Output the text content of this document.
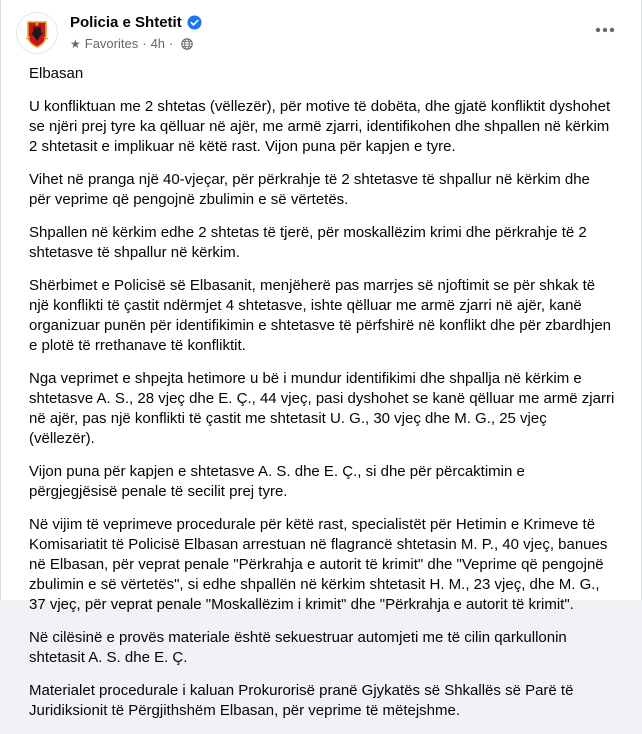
Policia e Shtetit
★ Favorites · 4h ·

Elbasan

U konfliktuan me 2 shtetas (vëllezër), për motive të dobëta, dhe gjatë konfliktit dyshohet se njëri prej tyre ka qëlluar në ajër, me armë zjarri, identifikohen dhe shpallen në kërkim 2 shtetasit e implikuar në këtë rast. Vijon puna për kapjen e tyre.

Vihet në pranga një 40-vjeçar, për përkrahje të 2 shtetasve të shpallur në kërkim dhe për veprime që pengojnë zbulimin e së vërtetës.

Shpallen në kërkim edhe 2 shtetas të tjerë, për moskallëzim krimi dhe përkrahje të 2 shtetasve të shpallur në kërkim.

Shërbimet e Policisë së Elbasanit, menjëherë pas marrjes së njoftimit se për shkak të një konflikti të çastit ndërmjet 4 shtetasve, ishte qëlluar me armë zjarri në ajër, kanë organizuar punën për identifikimin e shtetasve të përfshirë në konflikt dhe për zbardhjen e plotë të rrethanave të konfliktit.

Nga veprimet e shpejta hetimore u bë i mundur identifikimi dhe shpallja në kërkim e shtetasve A. S., 28 vjeç dhe E. Ç., 44 vjeç, pasi dyshohet se kanë qëlluar me armë zjarri në ajër, pas një konflikti të çastit me shtetasit U. G., 30 vjeç dhe M. G., 25 vjeç (vëllezër).

Vijon puna për kapjen e shtetasve A. S. dhe E. Ç., si dhe për përcaktimin e përgjegjësisë penale të secilit prej tyre.

Në vijim të veprimeve procedurale për këtë rast, specialistët për Hetimin e Krimeve të Komisariatit të Policisë Elbasan arrestuan në flagrancë shtetasin M. P., 40 vjeç, banues në Elbasan, për veprat penale "Përkrahja e autorit të krimit" dhe "Veprime që pengojnë zbulimin e së vërtetës", si edhe shpallën në kërkim shtetasit H. M., 23 vjeç, dhe M. G., 37 vjeç, për veprat penale "Moskallëzim i krimit" dhe "Përkrahja e autorit të krimit".

Në cilësinë e provës materiale është sekuestruar automjeti me të cilin qarkullonin shtetasit A. S. dhe E. Ç.

Materialet procedurale i kaluan Prokurorisë pranë Gjykatës së Shkallës së Parë të Juridiksionit të Përgjithshëm Elbasan, për veprime të mëtejshme.
